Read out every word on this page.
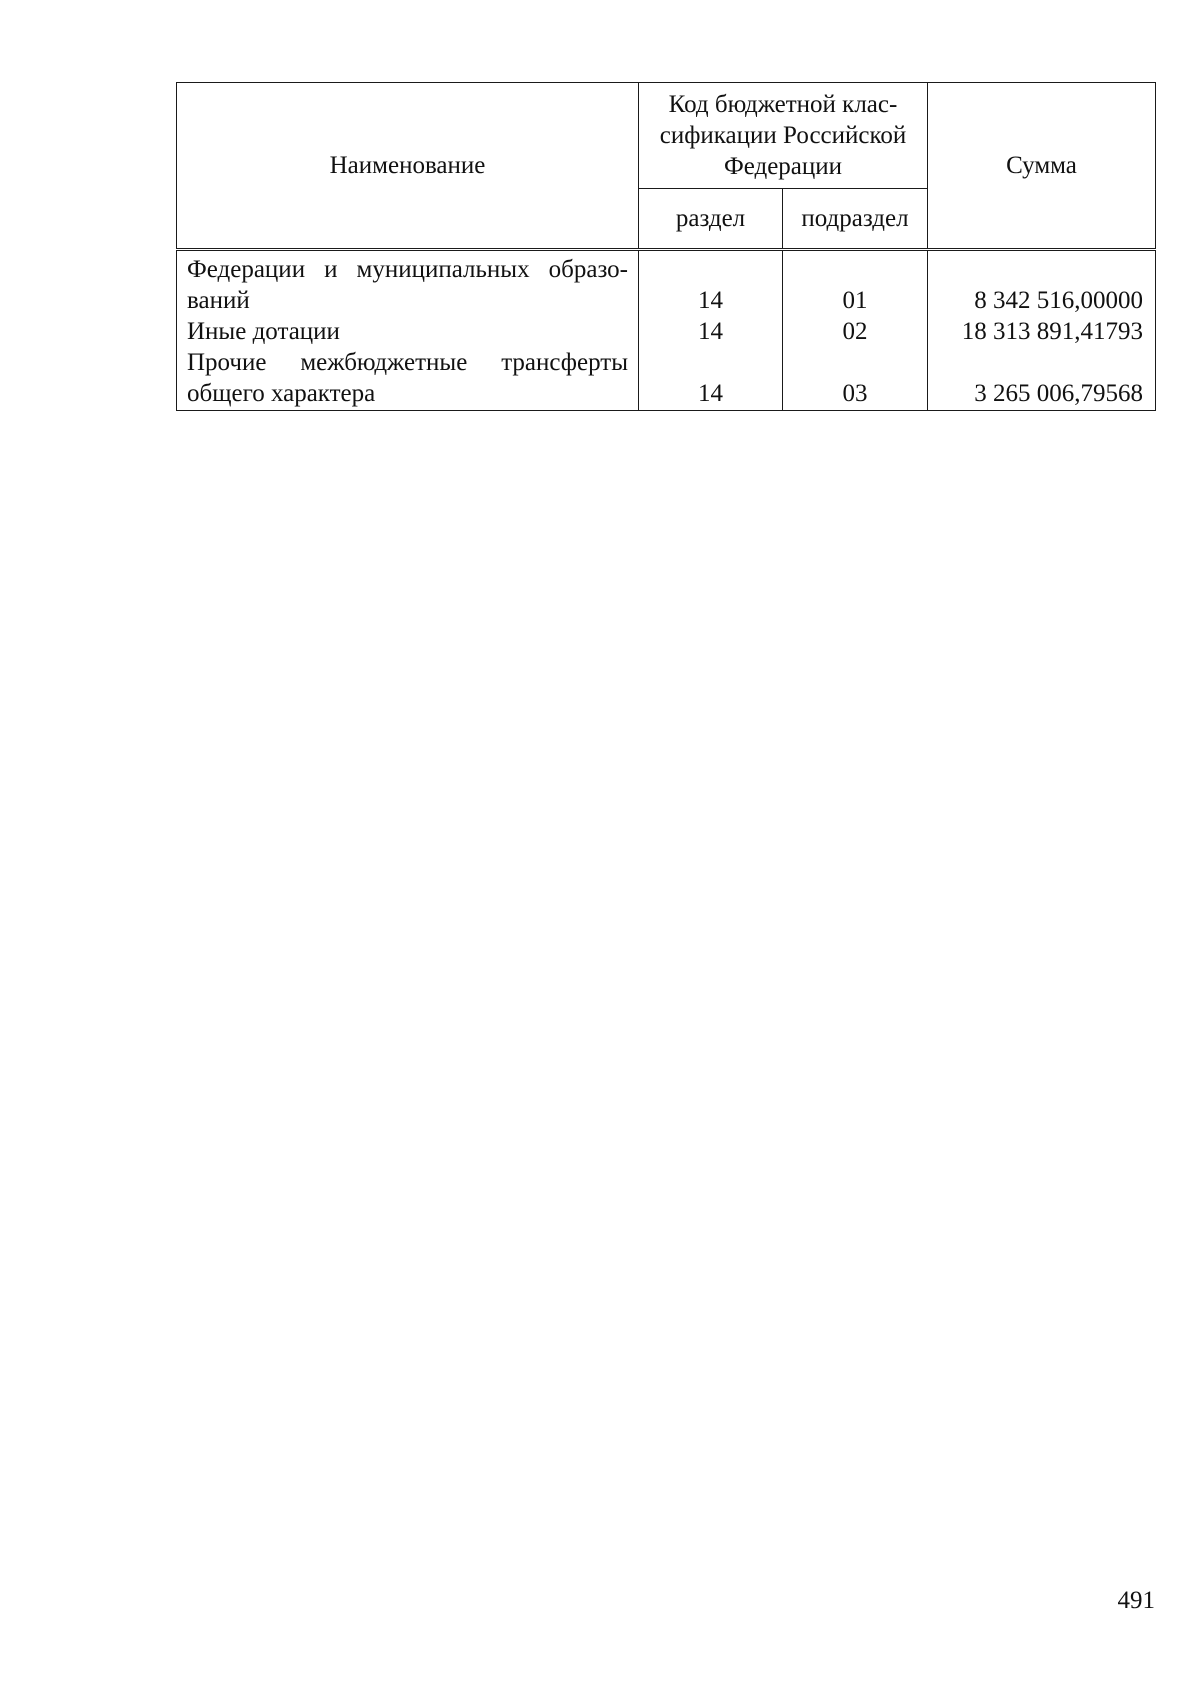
Наименование	Код бюджетной клас-сификации Российской Федерации		Сумма
	раздел	подраздел	
Федерации и муниципальных образо-ваний	14	01	8 342 516,00000
Иные дотации	14	02	18 313 891,41793
Прочие межбюджетные трансферты общего характера	14	03	3 265 006,79568
491
